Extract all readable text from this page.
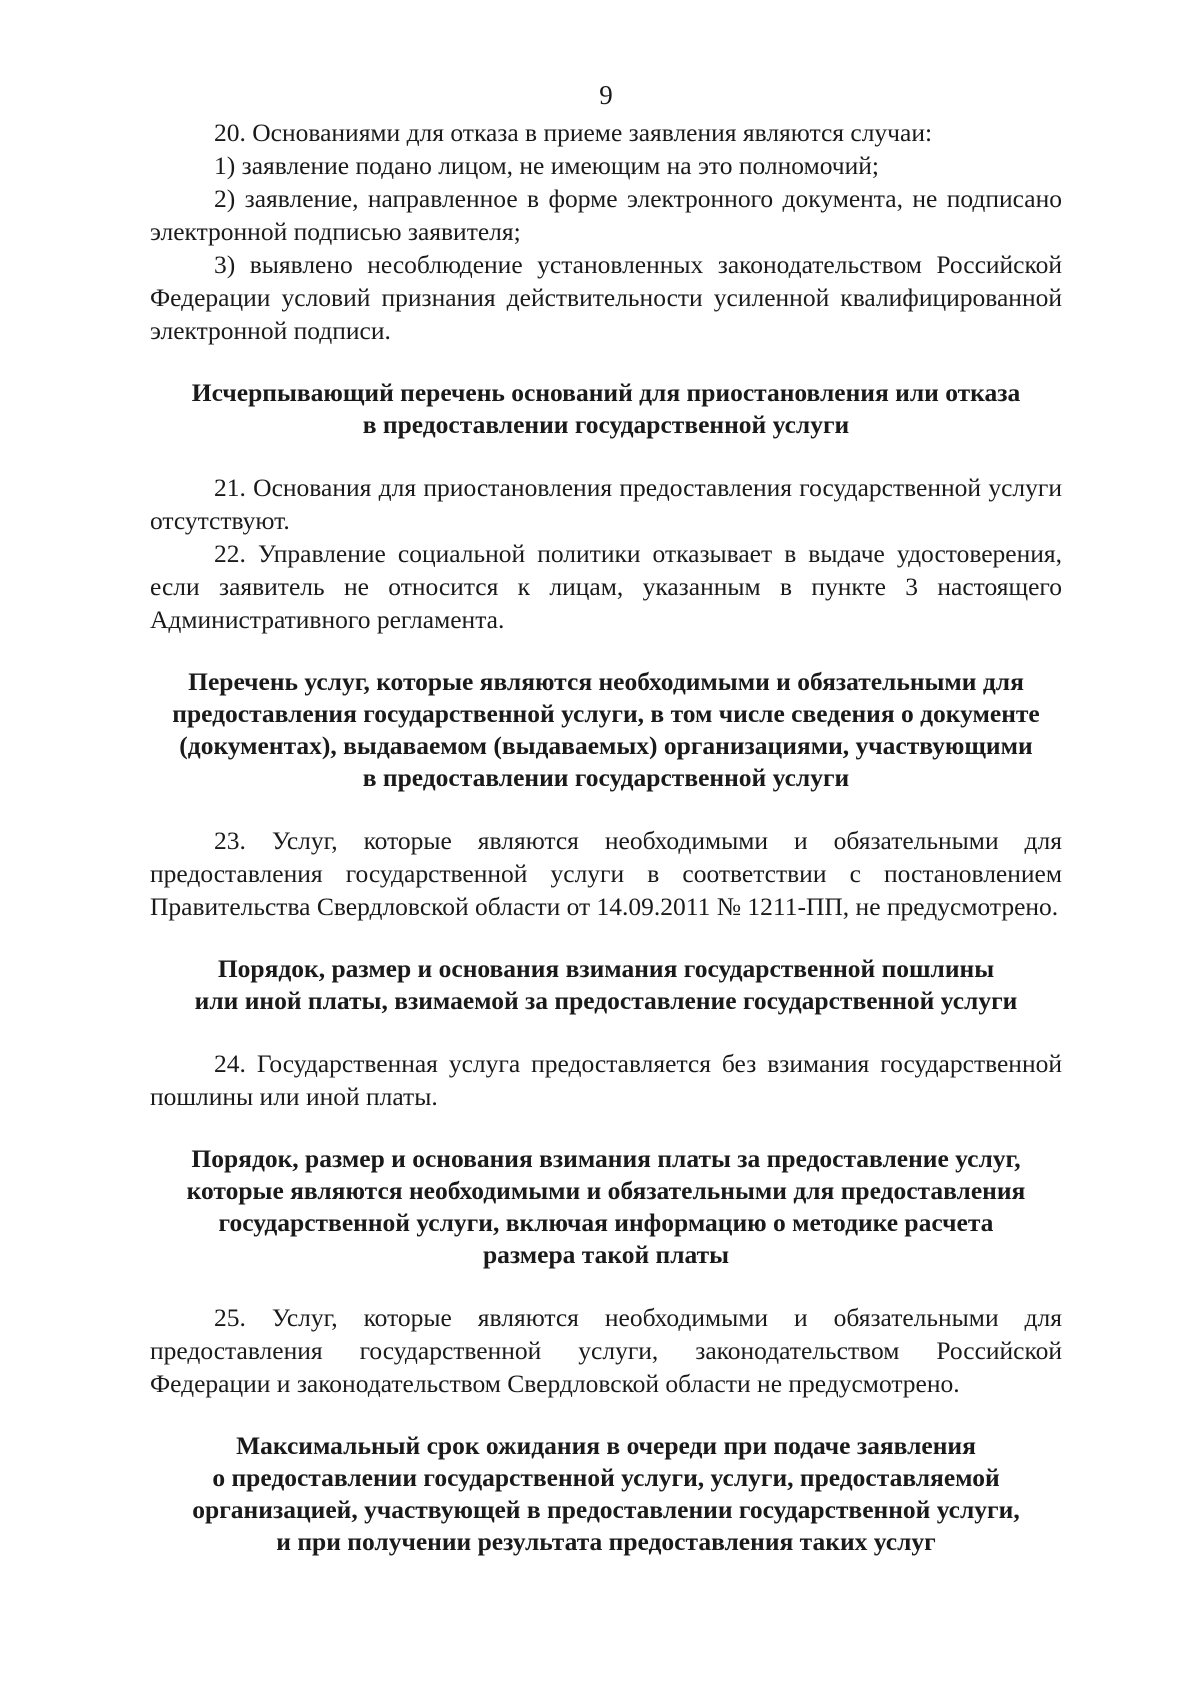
9

20. Основаниями для отказа в приеме заявления являются случаи:

1) заявление подано лицом, не имеющим на это полномочий;

2) заявление, направленное в форме электронного документа, не подписано электронной подписью заявителя;

3) выявлено несоблюдение установленных законодательством Российской Федерации условий признания действительности усиленной квалифицированной электронной подписи.

Исчерпывающий перечень оснований для приостановления или отказа
в предоставлении государственной услуги

21. Основания для приостановления предоставления государственной услуги отсутствуют.

22. Управление социальной политики отказывает в выдаче удостоверения, если заявитель не относится к лицам, указанным в пункте 3 настоящего Административного регламента.

Перечень услуг, которые являются необходимыми и обязательными для
предоставления государственной услуги, в том числе сведения о документе
(документах), выдаваемом (выдаваемых) организациями, участвующими
в предоставлении государственной услуги

23. Услуг, которые являются необходимыми и обязательными для предоставления государственной услуги в соответствии с постановлением Правительства Свердловской области от 14.09.2011 № 1211-ПП, не предусмотрено.

Порядок, размер и основания взимания государственной пошлины
или иной платы, взимаемой за предоставление государственной услуги

24. Государственная услуга предоставляется без взимания государственной пошлины или иной платы.

Порядок, размер и основания взимания платы за предоставление услуг,
которые являются необходимыми и обязательными для предоставления
государственной услуги, включая информацию о методике расчета
размера такой платы

25. Услуг, которые являются необходимыми и обязательными для предоставления государственной услуги, законодательством Российской Федерации и законодательством Свердловской области не предусмотрено.

Максимальный срок ожидания в очереди при подаче заявления
о предоставлении государственной услуги, услуги, предоставляемой
организацией, участвующей в предоставлении государственной услуги,
и при получении результата предоставления таких услуг
